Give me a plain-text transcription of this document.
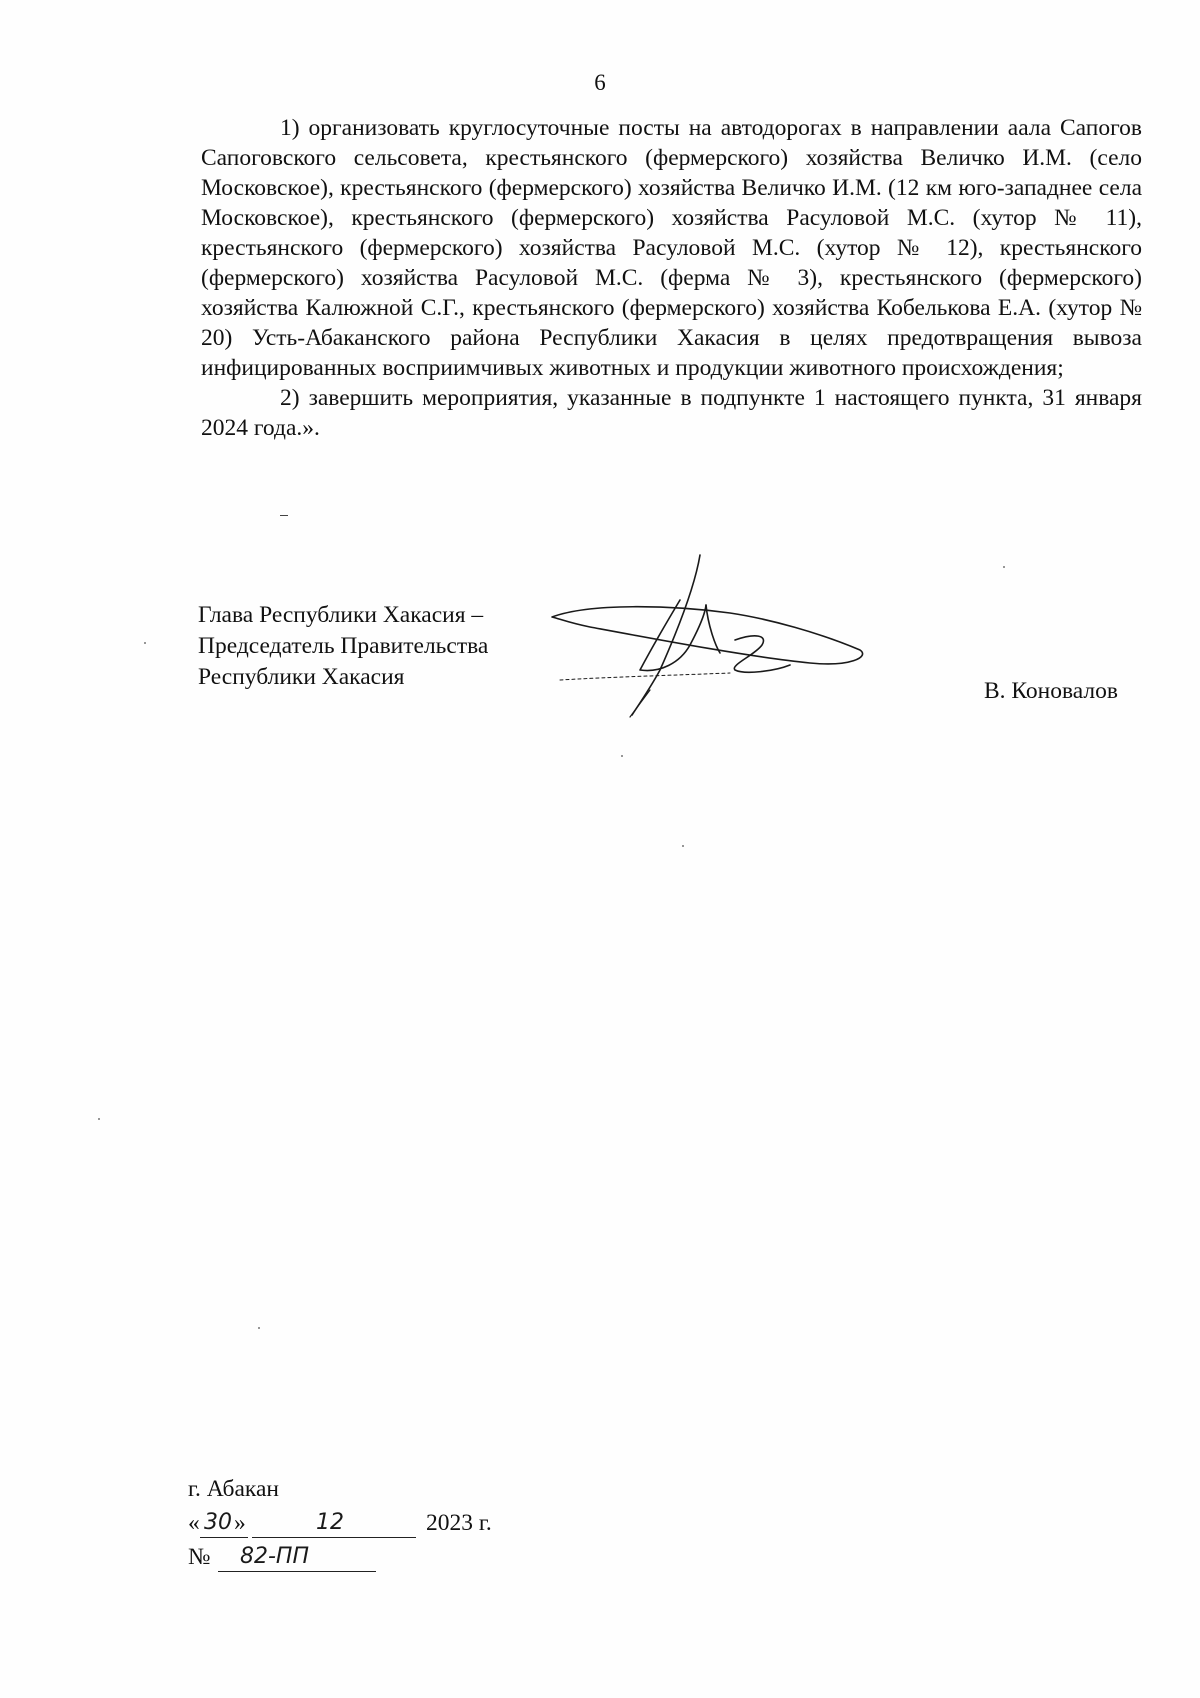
6

1) организовать круглосуточные посты на автодорогах в направлении аала Сапогов Сапоговского сельсовета, крестьянского (фермерского) хозяйства Величко И.М. (село Московское), крестьянского (фермерского) хозяйства Величко И.М. (12 км юго-западнее села Московское), крестьянского (фермерского) хозяйства Расуловой М.С. (хутор № 11), крестьянского (фермерского) хозяйства Расуловой М.С. (хутор № 12), крестьянского (фермерского) хозяйства Расуловой М.С. (ферма № 3), крестьянского (фермерского) хозяйства Калюжной С.Г., крестьянского (фермерского) хозяйства Кобелькова Е.А. (хутор № 20) Усть-Абаканского района Республики Хакасия в целях предотвращения вывоза инфицированных восприимчивых животных и продукции животного происхождения;

2) завершить мероприятия, указанные в подпункте 1 настоящего пункта, 31 января 2024 года.».

Глава Республики Хакасия –
Председатель Правительства
Республики Хакасия
В. Коновалов
г. Абакан
« 30 »	12	2023 г.
№ 82-ПП
